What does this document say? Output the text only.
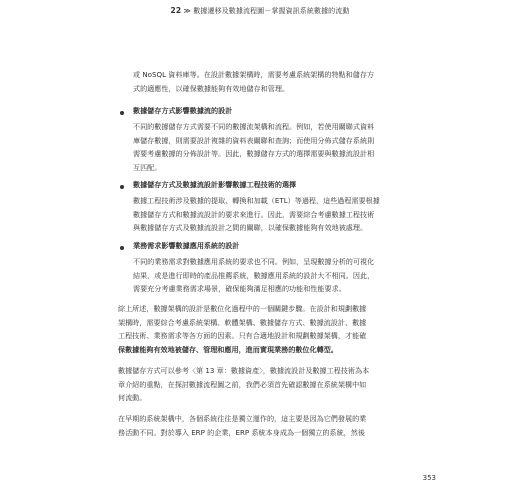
22 ≫ 數據遷移及數據流程圖－掌握資訊系統數據的流動
或 NoSQL 資料庫等。在設計數據架構時，需要考慮系統架構的特點和儲存方
式的適應性，以確保數據能夠有效地儲存和管理。
數據儲存方式影響數據流的設計
不同的數據儲存方式需要不同的數據流架構和流程。例如，若使用關聯式資料
庫儲存數據，則需要設計複雜的資料表關聯和查詢；而使用分佈式儲存系統則
需要考慮數據的分佈設計等。因此，數據儲存方式的選擇需要與數據流設計相
互匹配。
數據儲存方式及數據流設計影響數據工程技術的選擇
數據工程技術涉及數據的提取、轉換和加載（ETL）等過程，這些過程需要根據
數據儲存方式和數據流設計的要求來進行。因此，需要綜合考慮數據工程技術
與數據儲存方式及數據流設計之間的關聯，以確保數據能夠有效地被處理。
業務需求影響數據應用系統的設計
不同的業務需求對數據應用系統的要求也不同。例如，呈現數據分析的可視化
結果，或是進行即時的產品推薦系統，數據應用系統的設計大不相同。因此，
需要充分考慮業務需求場景，確保能夠滿足相應的功能和性能要求。
綜上所述，數據架構的設計是數位化過程中的一個關鍵步驟。在設計和規劃數據
架構時，需要綜合考慮系統架構、軟體架構、數據儲存方式、數據流設計、數據
工程技術、業務需求等各方面的因素。只有合適地設計和規劃數據架構，才能確
保數據能夠有效地被儲存、管理和應用，進而實現業務的數位化轉型。
數據儲存方式可以參考〈第 13 章：數據資產〉，數據流設計及數據工程技術為本
章介紹的重點，在探討數據流程圖之前，我們必須首先確認數據在系統架構中如
何流動。
在早期的系統架構中，各個系統往往是獨立運作的，這主要是因為它們發展的業
務活動不同。對於導入 ERP 的企業，ERP 系統本身成為一個獨立的系統，然後
353
